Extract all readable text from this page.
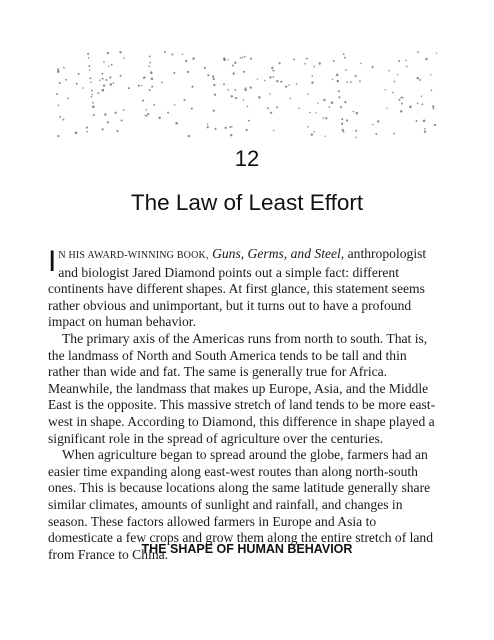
12
The Law of Least Effort

I N HIS AWARD-WINNING BOOK, Guns, Germs, and Steel, anthropologist and biologist Jared Diamond points out a simple fact: different continents have different shapes. At first glance, this statement seems rather obvious and unimportant, but it turns out to have a profound impact on human behavior.

The primary axis of the Americas runs from north to south. That is, the landmass of North and South America tends to be tall and thin rather than wide and fat. The same is generally true for Africa. Meanwhile, the landmass that makes up Europe, Asia, and the Middle East is the opposite. This massive stretch of land tends to be more east-west in shape. According to Diamond, this difference in shape played a significant role in the spread of agriculture over the centuries.

When agriculture began to spread around the globe, farmers had an easier time expanding along east-west routes than along north-south ones. This is because locations along the same latitude generally share similar climates, amounts of sunlight and rainfall, and changes in season. These factors allowed farmers in Europe and Asia to domesticate a few crops and grow them along the entire stretch of land from France to China.

THE SHAPE OF HUMAN BEHAVIOR
